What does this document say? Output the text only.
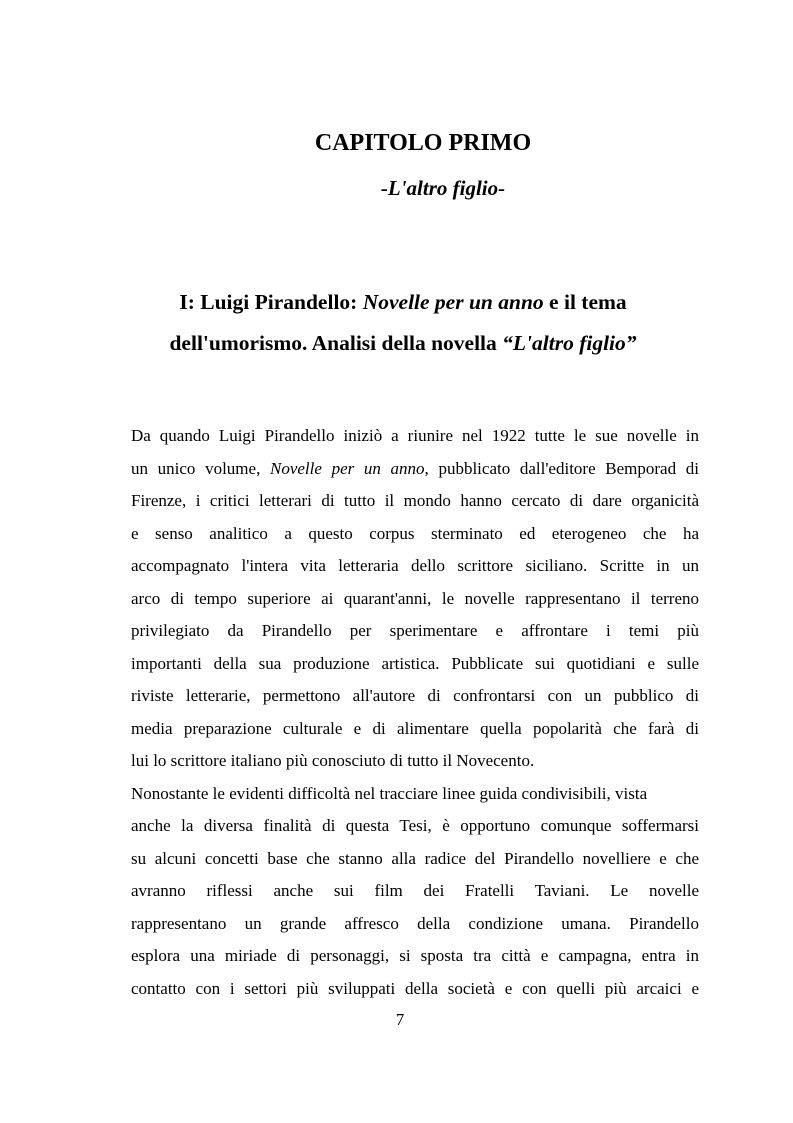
CAPITOLO PRIMO
-L'altro figlio-
I: Luigi Pirandello: Novelle per un anno e il tema
dell'umorismo. Analisi della novella “L'altro figlio”
Da quando Luigi Pirandello iniziò a riunire nel 1922 tutte le sue novelle in
un unico volume, Novelle per un anno, pubblicato dall'editore Bemporad di
Firenze, i critici letterari di tutto il mondo hanno cercato di dare organicità
e senso analitico a questo corpus sterminato ed eterogeneo che ha
accompagnato l'intera vita letteraria dello scrittore siciliano. Scritte in un
arco di tempo superiore ai quarant'anni, le novelle rappresentano il terreno
privilegiato da Pirandello per sperimentare e affrontare i temi più
importanti della sua produzione artistica. Pubblicate sui quotidiani e sulle
riviste letterarie, permettono all'autore di confrontarsi con un pubblico di
media preparazione culturale e di alimentare quella popolarità che farà di
lui lo scrittore italiano più conosciuto di tutto il Novecento.
Nonostante le evidenti difficoltà nel tracciare linee guida condivisibili, vista
anche la diversa finalità di questa Tesi, è opportuno comunque soffermarsi
su alcuni concetti base che stanno alla radice del Pirandello novelliere e che
avranno riflessi anche sui film dei Fratelli Taviani. Le novelle
rappresentano un grande affresco della condizione umana. Pirandello
esplora una miriade di personaggi, si sposta tra città e campagna, entra in
contatto con i settori più sviluppati della società e con quelli più arcaici e
7
